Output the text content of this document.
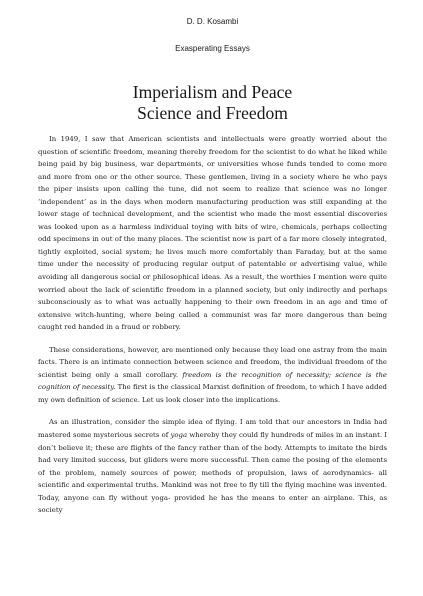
D. D. Kosambi

Exasperating Essays

Imperialism and Peace
Science and Freedom

In 1949, I saw that American scientists and intellectuals were greatly worried about the question of scientific freedom, meaning thereby freedom for the scientist to do what he liked while being paid by big business, war departments, or universities whose funds tended to come more and more from one or the other source. These gentlemen, living in a society where he who pays the piper insists upon calling the tune, did not seem to realize that science was no longer ‘independent’ as in the days when modern manufacturing production was still expanding at the lower stage of technical development, and the scientist who made the most essential discoveries was looked upon as a harmless individual toying with bits of wire, chemicals, perhaps collecting odd specimens in out of the many places. The scientist now is part of a far more closely integrated, tightly exploited, social system; he lives much more comfortably than Faraday, but at the same time under the necessity of producing regular output of patentable or advertising value, while avoiding all dangerous social or philosophical ideas. As a result, the worthies I mention were quite worried about the lack of scientific freedom in a planned society, but only indirectly and perhaps subconsciously as to what was actually happening to their own freedom in an age and time of extensive witch-hunting, where being called a communist was far more dangerous than being caught red handed in a fraud or robbery.

These considerations, however, are mentioned only because they lead one astray from the main facts. There is an intimate connection between science and freedom, the individual freedom of the scientist being only a small corollary. freedom is the recognition of necessity; science is the cognition of necessity. The first is the classical Marxist definition of freedom, to which I have added my own definition of science. Let us look closer into the implications.

As an illustration, consider the simple idea of flying. I am told that our ancestors in India had mastered some mysterious secrets of yoga whereby they could fly hundreds of miles in an instant. I don’t believe it; these are flights of the fancy rather than of the body. Attempts to imitate the birds had very limited success, but gliders were more successful. Then came the posing of the elements of the problem, namely sources of power, methods of propulsion, laws of aerodynamics- all scientific and experimental truths. Mankind was not free to fly till the flying machine was invented. Today, anyone can fly without yoga- provided he has the means to enter an airplane. This, as society
